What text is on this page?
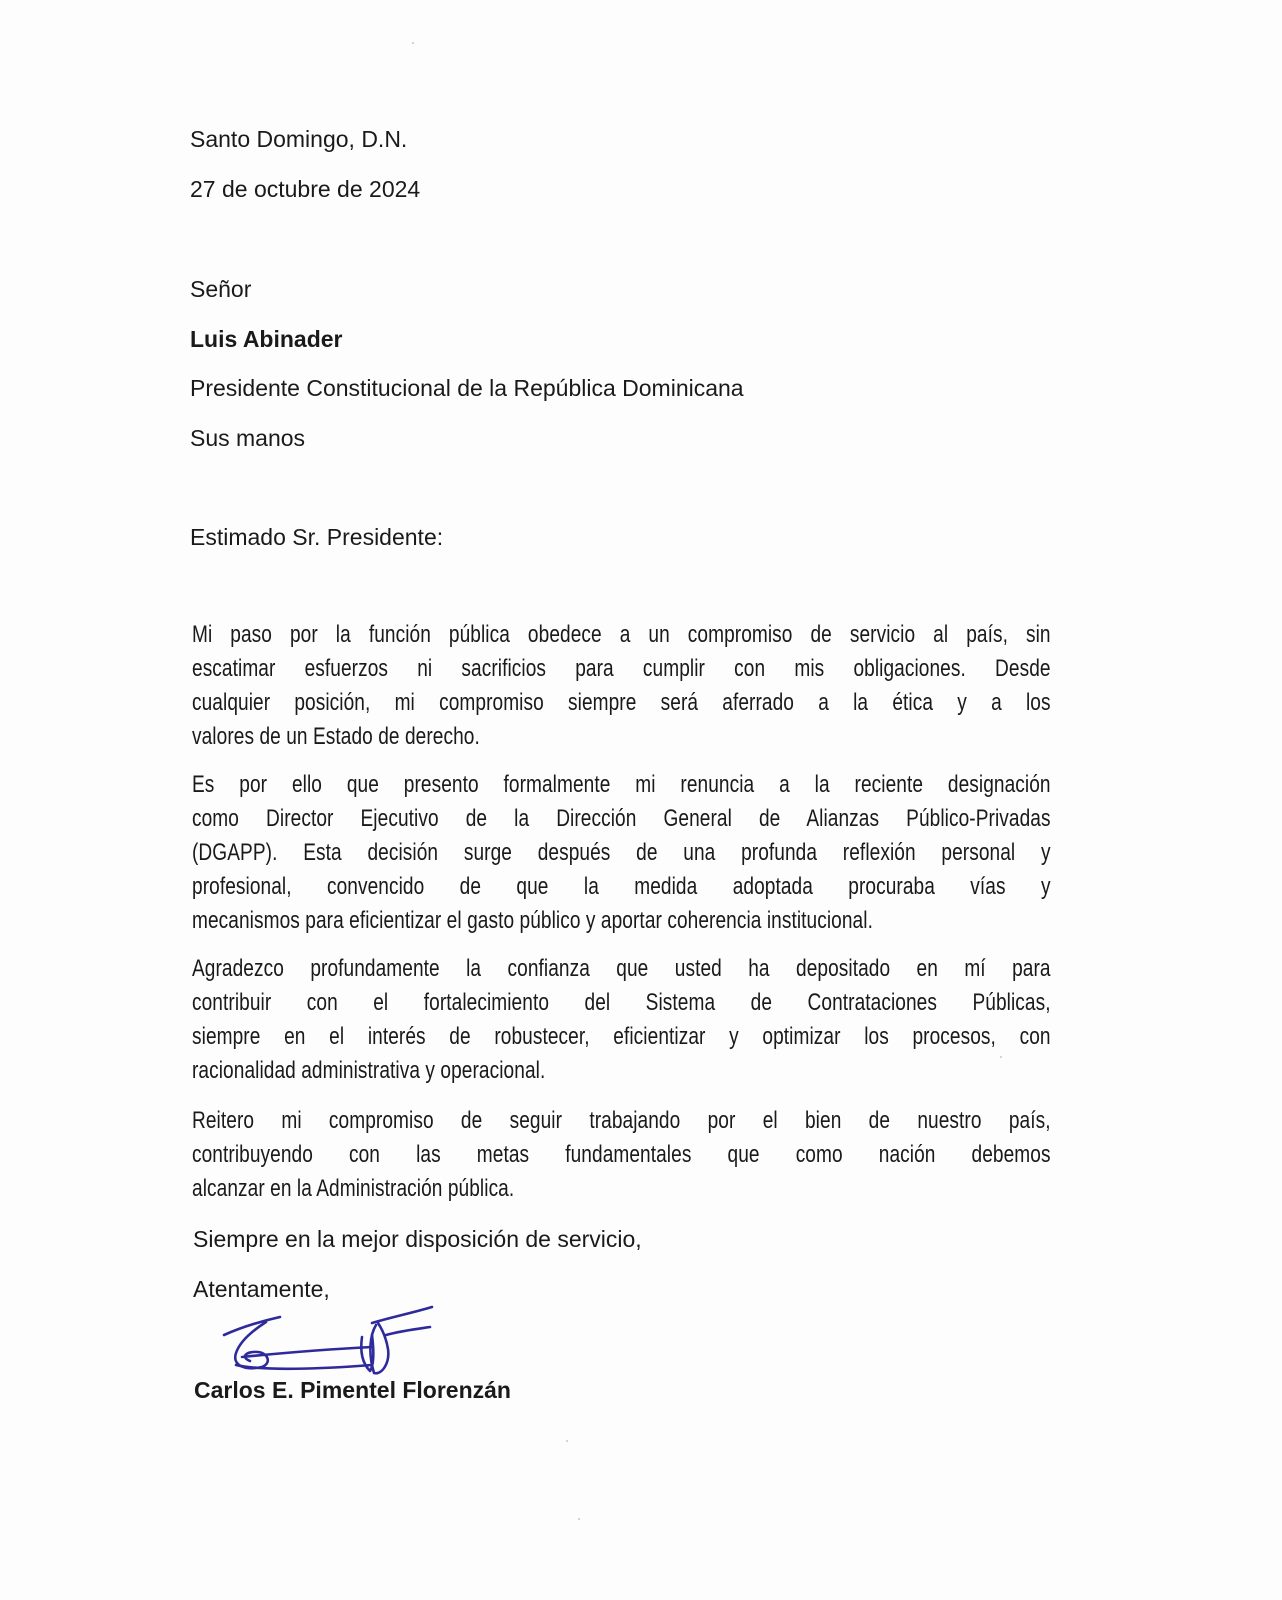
Santo Domingo, D.N.
27 de octubre de 2024
Señor
Luis Abinader
Presidente Constitucional de la República Dominicana
Sus manos
Estimado Sr. Presidente:
Mi paso por la función pública obedece a un compromiso de servicio al país, sin
escatimar esfuerzos ni sacrificios para cumplir con mis obligaciones. Desde
cualquier posición, mi compromiso siempre será aferrado a la ética y a los
valores de un Estado de derecho.
Es por ello que presento formalmente mi renuncia a la reciente designación
como Director Ejecutivo de la Dirección General de Alianzas Público-Privadas
(DGAPP). Esta decisión surge después de una profunda reflexión personal y
profesional, convencido de que la medida adoptada procuraba vías y
mecanismos para eficientizar el gasto público y aportar coherencia institucional.
Agradezco profundamente la confianza que usted ha depositado en mí para
contribuir con el fortalecimiento del Sistema de Contrataciones Públicas,
siempre en el interés de robustecer, eficientizar y optimizar los procesos, con
racionalidad administrativa y operacional.
Reitero mi compromiso de seguir trabajando por el bien de nuestro país,
contribuyendo con las metas fundamentales que como nación debemos
alcanzar en la Administración pública.
Siempre en la mejor disposición de servicio,
Atentamente,
Carlos E. Pimentel Florenzán
